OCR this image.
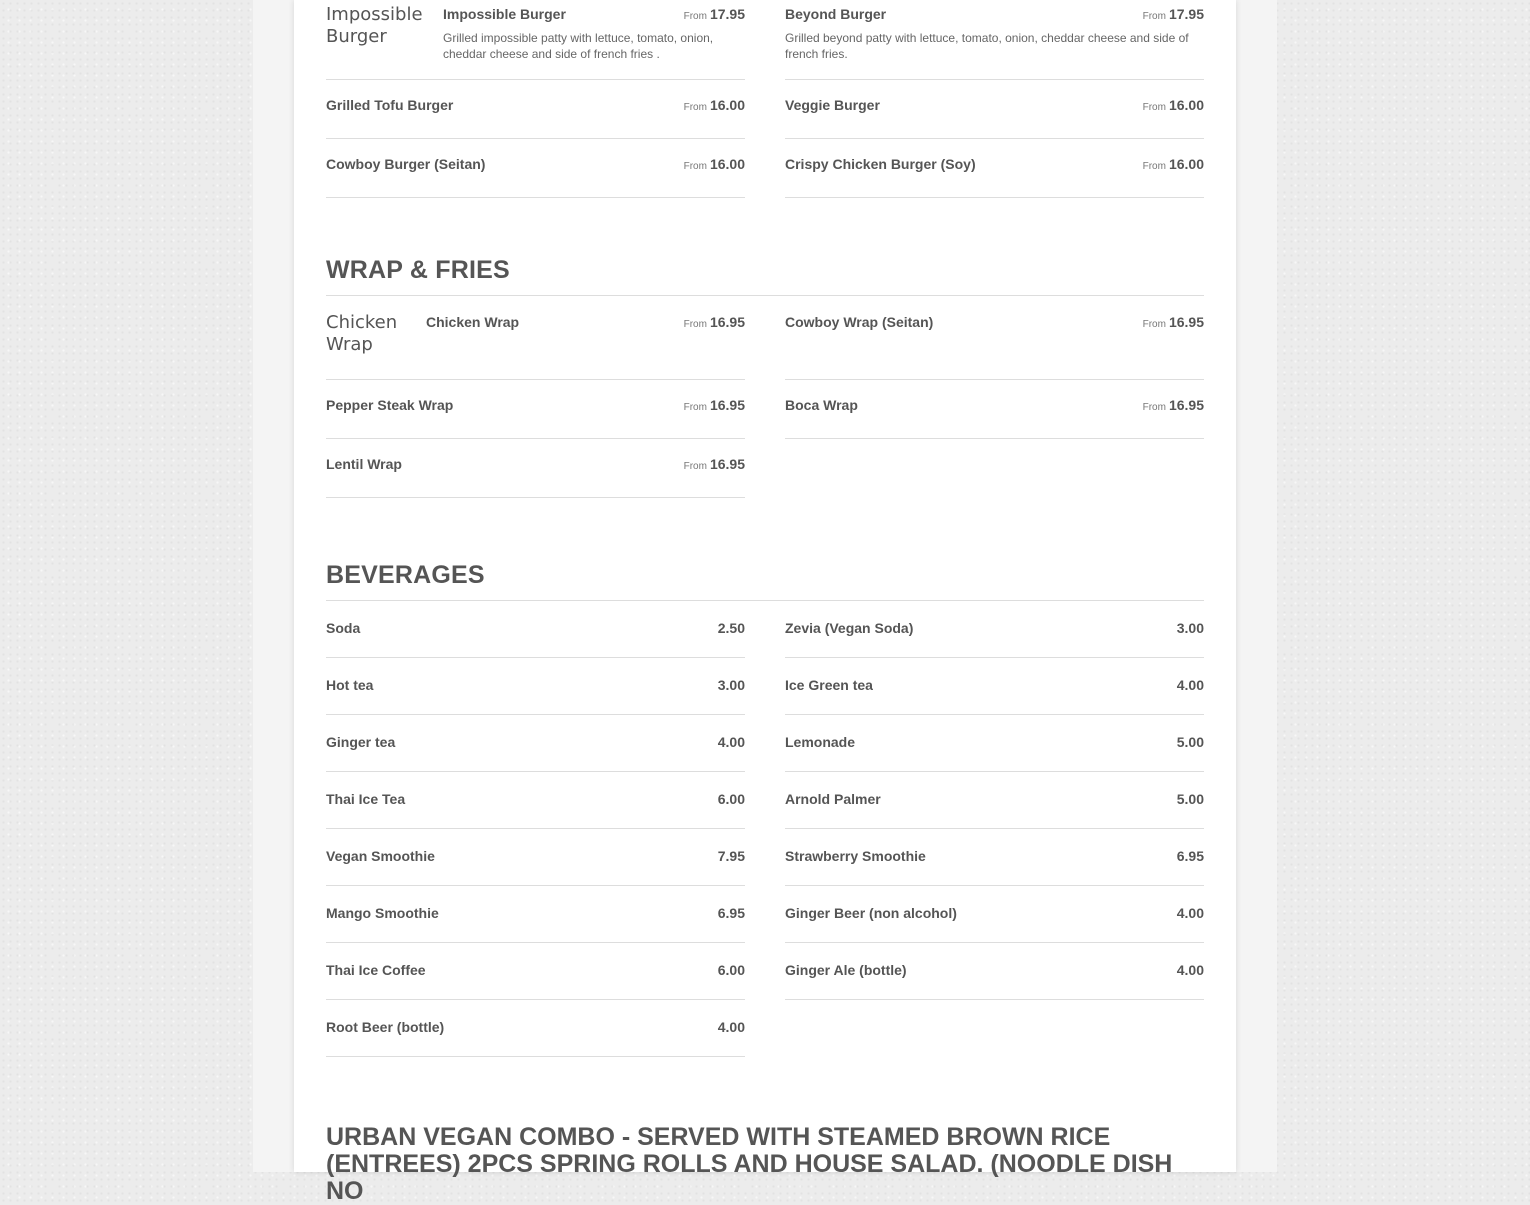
Impossible Burger
Impossible Burger	From 17.95
Grilled impossible patty with lettuce, tomato, onion, cheddar cheese and side of french fries .
Grilled Tofu Burger	From 16.00
Cowboy Burger (Seitan)	From 16.00
Beyond Burger	From 17.95
Grilled beyond patty with lettuce, tomato, onion, cheddar cheese and side of french fries.
Veggie Burger	From 16.00
Crispy Chicken Burger (Soy)	From 16.00
WRAP & FRIES
Chicken Wrap
Chicken Wrap	From 16.95
Pepper Steak Wrap	From 16.95
Lentil Wrap	From 16.95
Cowboy Wrap (Seitan)	From 16.95
Boca Wrap	From 16.95
BEVERAGES
Soda	2.50
Hot tea	3.00
Ginger tea	4.00
Thai Ice Tea	6.00
Vegan Smoothie	7.95
Mango Smoothie	6.95
Thai Ice Coffee	6.00
Root Beer (bottle)	4.00
Zevia (Vegan Soda)	3.00
Ice Green tea	4.00
Lemonade	5.00
Arnold Palmer	5.00
Strawberry Smoothie	6.95
Ginger Beer (non alcohol)	4.00
Ginger Ale (bottle)	4.00
URBAN VEGAN COMBO - SERVED WITH STEAMED BROWN RICE (ENTREES) 2PCS SPRING ROLLS AND HOUSE SALAD. (NOODLE DISH NO
